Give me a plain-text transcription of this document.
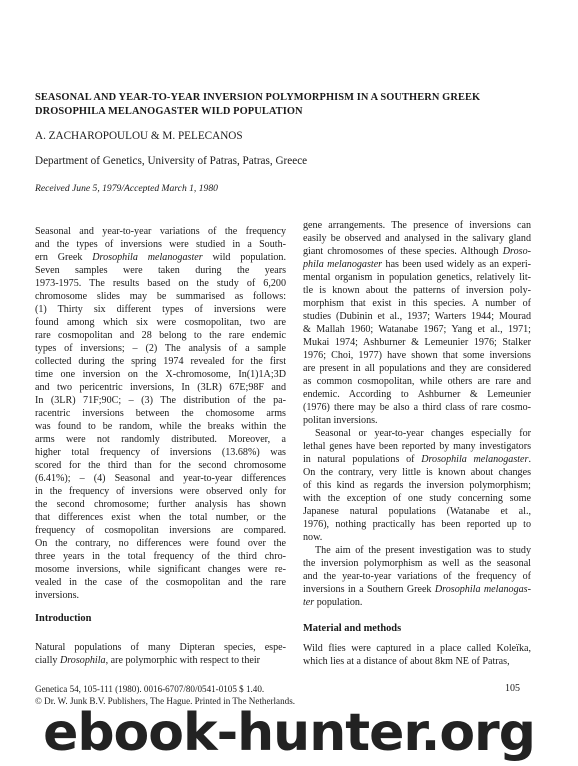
SEASONAL AND YEAR-TO-YEAR INVERSION POLYMORPHISM IN A SOUTHERN GREEK
DROSOPHILA MELANOGASTER WILD POPULATION
A. ZACHAROPOULOU & M. PELECANOS
Department of Genetics, University of Patras, Patras, Greece
Received June 5, 1979/Accepted March 1, 1980
Seasonal and year-to-year variations of the frequency
and the types of inversions were studied in a South-
ern Greek Drosophila melanogaster wild population.
Seven samples were taken during the years
1973-1975. The results based on the study of 6,200
chromosome slides may be summarised as follows:
(1) Thirty six different types of inversions were
found among which six were cosmopolitan, two are
rare cosmopolitan and 28 belong to the rare endemic
types of inversions; – (2) The analysis of a sample
collected during the spring 1974 revealed for the first
time one inversion on the X-chromosome, In(1)1A;3D
and two pericentric inversions, In (3LR) 67E;98F and
In (3LR) 71F;90C; – (3) The distribution of the pa-
racentric inversions between the chomosome arms
was found to be random, while the breaks within the
arms were not randomly distributed. Moreover, a
higher total frequency of inversions (13.68%) was
scored for the third than for the second chromosome
(6.41%); – (4) Seasonal and year-to-year differences
in the frequency of inversions were observed only for
the second chromosome; further analysis has shown
that differences exist when the total number, or the
frequency of cosmopolitan inversions are compared.
On the contrary, no differences were found over the
three years in the total frequency of the third chro-
mosome inversions, while significant changes were re-
vealed in the case of the cosmopolitan and the rare
inversions.
gene arrangements. The presence of inversions can
easily be observed and analysed in the salivary gland
giant chromosomes of these species. Although Droso-
phila melanogaster has been used widely as an experi-
mental organism in population genetics, relatively lit-
tle is known about the patterns of inversion poly-
morphism that exist in this species. A number of
studies (Dubinin et al., 1937; Warters 1944; Mourad
& Mallah 1960; Watanabe 1967; Yang et al., 1971;
Mukai 1974; Ashburner & Lemeunier 1976; Stalker
1976; Choi, 1977) have shown that some inversions
are present in all populations and they are considered
as common cosmopolitan, while others are rare and
endemic. According to Ashburner & Lemeunier
(1976) there may be also a third class of rare cosmo-
politan inversions.
Seasonal or year-to-year changes especially for
lethal genes have been reported by many investigators
in natural populations of Drosophila melanogaster.
On the contrary, very little is known about changes
of this kind as regards the inversion polymorphism;
with the exception of one study concerning some
Japanese natural populations (Watanabe et al.,
1976), nothing practically has been reported up to
now.
The aim of the present investigation was to study
the inversion polymorphism as well as the seasonal
and the year-to-year variations of the frequency of
inversions in a Southern Greek Drosophila melanogas-
ter population.
Introduction
Natural populations of many Dipteran species, espe-
cially Drosophila, are polymorphic with respect to their
Material and methods
Wild flies were captured in a place called Koleïka,
which lies at a distance of about 8km NE of Patras,
Genetica 54, 105-111 (1980). 0016-6707/80/0541-0105 $ 1.40.
© Dr. W. Junk B.V. Publishers, The Hague. Printed in The Netherlands.
105
ebook-hunter.org
